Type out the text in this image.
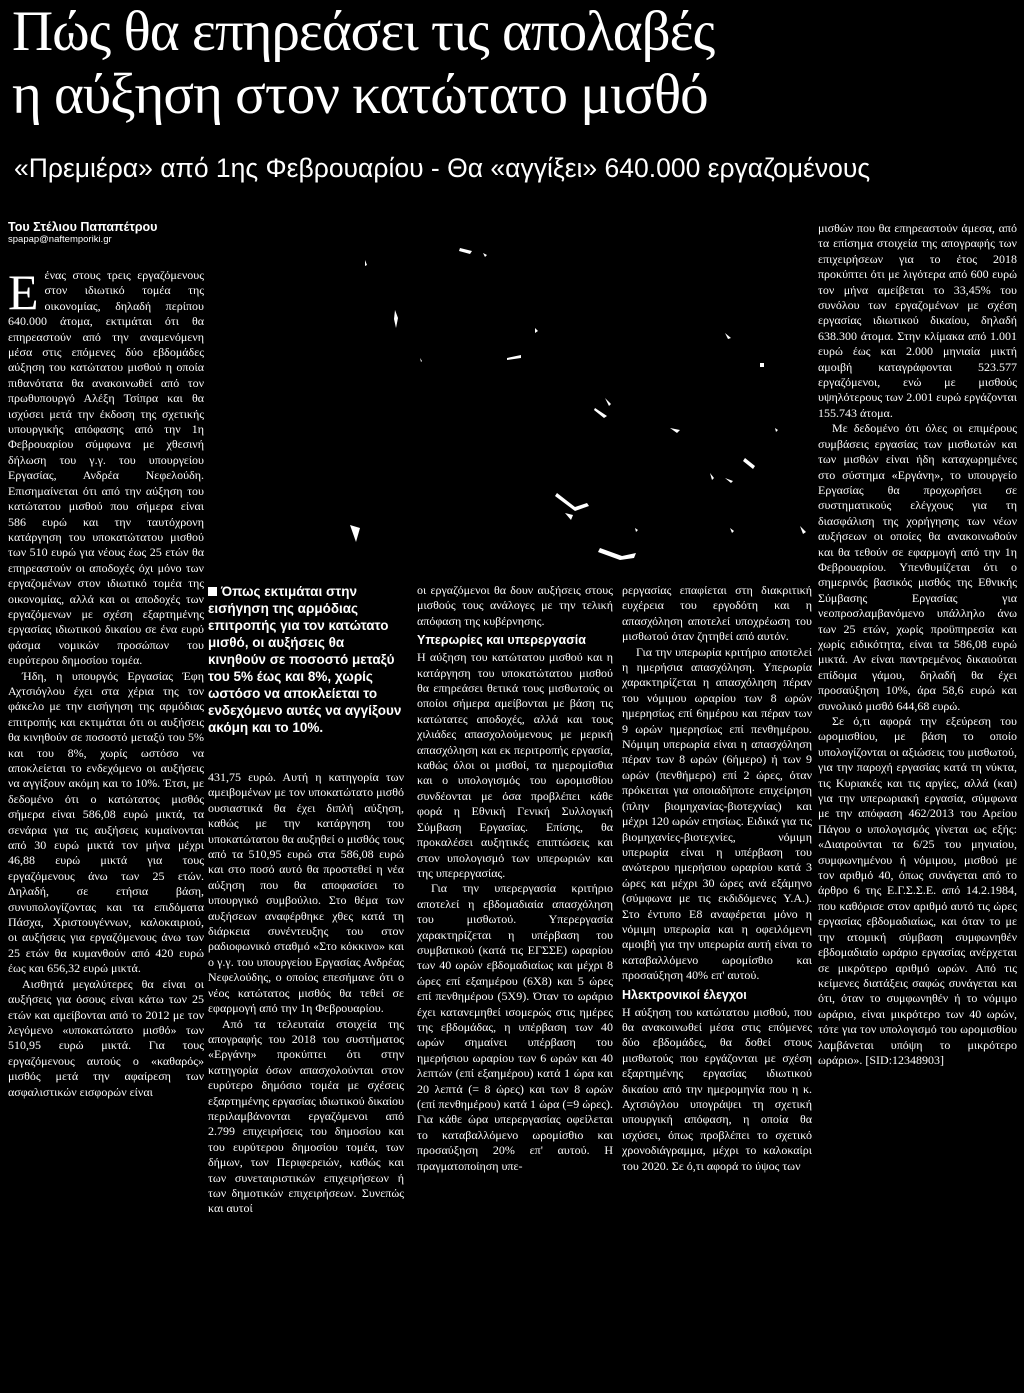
Πώς θα επηρεάσει τις απολαβές
η αύξηση στον κατώτατο μισθό
«Πρεμιέρα» από 1ης Φεβρουαρίου - Θα «αγγίξει» 640.000 εργαζομένους
Του Στέλιου Παπαπέτρου
spapap@naftemporiki.gr

Εένας στους τρεις εργαζόμενους στον ιδιωτικό τομέα της οικονομίας, δηλαδή περίπου 640.000 άτομα, εκτιμάται ότι θα επηρεαστούν από την αναμενόμενη μέσα στις επόμενες δύο εβδομάδες αύξηση του κατώτατου μισθού η οποία πιθανότατα θα ανακοινωθεί από τον πρωθυπουργό Αλέξη Τσίπρα και θα ισχύσει μετά την έκδοση της σχετικής υπουργικής απόφασης από την 1η Φεβρουαρίου σύμφωνα με χθεσινή δήλωση του γ.γ. του υπουργείου Εργασίας, Ανδρέα Νεφελούδη. Επισημαίνεται ότι από την αύξηση του κατώτατου μισθού που σήμερα είναι 586 ευρώ και την ταυτόχρονη κατάργηση του υποκατώτατου μισθού των 510 ευρώ για νέους έως 25 ετών θα επηρεαστούν οι αποδοχές όχι μόνο των εργαζομένων στον ιδιωτικό τομέα της οικονομίας, αλλά και οι αποδοχές των εργαζόμενων με σχέση εξαρτημένης εργασίας ιδιωτικού δικαίου σε ένα ευρύ φάσμα νομικών προσώπων του ευρύτερου δημοσίου τομέα.

Ήδη, η υπουργός Εργασίας Έφη Αχτσιόγλου έχει στα χέρια της τον φάκελο με την εισήγηση της αρμόδιας επιτροπής και εκτιμάται ότι οι αυξήσεις θα κινηθούν σε ποσοστό μεταξύ του 5% και του 8%, χωρίς ωστόσο να αποκλείεται το ενδεχόμενο οι αυξήσεις να αγγίξουν ακόμη και το 10%. Έτσι, με δεδομένο ότι ο κατώτατος μισθός σήμερα είναι 586,08 ευρώ μικτά, τα σενάρια για τις αυξήσεις κυμαίνονται από 30 ευρώ μικτά τον μήνα μέχρι 46,88 ευρώ μικτά για τους εργαζόμενους άνω των 25 ετών. Δηλαδή, σε ετήσια βάση, συνυπολογίζοντας και τα επιδόματα Πάσχα, Χριστουγέννων, καλοκαιριού, οι αυξήσεις για εργαζόμενους άνω των 25 ετών θα κυμανθούν από 420 ευρώ έως και 656,32 ευρώ μικτά.

Αισθητά μεγαλύτερες θα είναι οι αυξήσεις για όσους είναι κάτω των 25 ετών και αμείβονται από το 2012 με τον λεγόμενο «υποκατώτατο μισθό» των 510,95 ευρώ μικτά. Για τους εργαζόμενους αυτούς ο «καθαρός» μισθός μετά την αφαίρεση των ασφαλιστικών εισφορών είναι

Όπως εκτιμάται στην εισήγηση της αρμόδιας επιτροπής για τον κατώτατο μισθό, οι αυξήσεις θα κινηθούν σε ποσοστό μεταξύ του 5% έως και 8%, χωρίς ωστόσο να αποκλείεται το ενδεχόμενο αυτές να αγγίξουν ακόμη και το 10%.

431,75 ευρώ. Αυτή η κατηγορία των αμειβομένων με τον υποκατώτατο μισθό ουσιαστικά θα έχει διπλή αύξηση, καθώς με την κατάργηση του υποκατώτατου θα αυξηθεί ο μισθός τους από τα 510,95 ευρώ στα 586,08 ευρώ και στο ποσό αυτό θα προστεθεί η νέα αύξηση που θα αποφασίσει το υπουργικό συμβούλιο. Στο θέμα των αυξήσεων αναφέρθηκε χθες κατά τη διάρκεια συνέντευξης του στον ραδιοφωνικό σταθμό «Στο κόκκινο» και ο γ.γ. του υπουργείου Εργασίας Ανδρέας Νεφελούδης, ο οποίος επεσήμανε ότι ο νέος κατώτατος μισθός θα τεθεί σε εφαρμογή από την 1η Φεβρουαρίου.

Από τα τελευταία στοιχεία της απογραφής του 2018 του συστήματος «Εργάνη» προκύπτει ότι στην κατηγορία όσων απασχολούνται στον ευρύτερο δημόσιο τομέα με σχέσεις εξαρτημένης εργασίας ιδιωτικού δικαίου περιλαμβάνονται εργαζόμενοι από 2.799 επιχειρήσεις του δημοσίου και του ευρύτερου δημοσίου τομέα, των δήμων, των Περιφερειών, καθώς και των συνεταιριστικών επιχειρήσεων ή των δημοτικών επιχειρήσεων. Συνεπώς και αυτοί

οι εργαζόμενοι θα δουν αυξήσεις στους μισθούς τους ανάλογες με την τελική απόφαση της κυβέρνησης.

Υπερωρίες και υπερεργασία

Η αύξηση του κατώτατου μισθού και η κατάργηση του υποκατώτατου μισθού θα επηρεάσει θετικά τους μισθωτούς οι οποίοι σήμερα αμείβονται με βάση τις κατώτατες αποδοχές, αλλά και τους χιλιάδες απασχολούμενους με μερική απασχόληση και εκ περιτροπής εργασία, καθώς όλοι οι μισθοί, τα ημερομίσθια και ο υπολογισμός του ωρομισθίου συνδέονται με όσα προβλέπει κάθε φορά η Εθνική Γενική Συλλογική Σύμβαση Εργασίας. Επίσης, θα προκαλέσει αυξητικές επιπτώσεις και στον υπολογισμό των υπερωριών και της υπερεργασίας.

Για την υπερεργασία κριτήριο αποτελεί η εβδομαδιαία απασχόληση του μισθωτού. Υπερεργασία χαρακτηρίζεται η υπέρβαση του συμβατικού (κατά τις ΕΓΣΣΕ) ωραρίου των 40 ωρών εβδομαδιαίως και μέχρι 8 ώρες επί εξαημέρου (6Χ8) και 5 ώρες επί πενθημέρου (5Χ9). Όταν το ωράριο έχει κατανεμηθεί ισομερώς στις ημέρες της εβδομάδας, η υπέρβαση των 40 ωρών σημαίνει υπέρβαση του ημερήσιου ωραρίου των 6 ωρών και 40 λεπτών (επί εξαημέρου) κατά 1 ώρα και 20 λεπτά (= 8 ώρες) και των 8 ωρών (επί πενθημέρου) κατά 1 ώρα (=9 ώρες). Για κάθε ώρα υπερεργασίας οφείλεται το καταβαλλόμενο ωρομίσθιο και προσαύξηση 20% επ' αυτού. Η πραγματοποίηση υπε-

ρεργασίας επαφίεται στη διακριτική ευχέρεια του εργοδότη και η απασχόληση αποτελεί υποχρέωση του μισθωτού όταν ζητηθεί από αυτόν.

Για την υπερωρία κριτήριο αποτελεί η ημερήσια απασχόληση. Υπερωρία χαρακτηρίζεται η απασχόληση πέραν του νόμιμου ωραρίου των 8 ωρών ημερησίως επί 6ημέρου και πέραν των 9 ωρών ημερησίως επί πενθημέρου. Νόμιμη υπερωρία είναι η απασχόληση πέραν των 8 ωρών (6ήμερο) ή των 9 ωρών (πενθήμερο) επί 2 ώρες, όταν πρόκειται για οποιαδήποτε επιχείρηση (πλην βιομηχανίας-βιοτεχνίας) και μέχρι 120 ωρών ετησίως. Ειδικά για τις βιομηχανίες-βιοτεχνίες, νόμιμη υπερωρία είναι η υπέρβαση του ανώτερου ημερήσιου ωραρίου κατά 3 ώρες και μέχρι 30 ώρες ανά εξάμηνο (σύμφωνα με τις εκδιδόμενες Υ.Α.). Στο έντυπο Ε8 αναφέρεται μόνο η νόμιμη υπερωρία και η οφειλόμενη αμοιβή για την υπερωρία αυτή είναι το καταβαλλόμενο ωρομίσθιο και προσαύξηση 40% επ' αυτού.

Ηλεκτρονικοί έλεγχοι

Η αύξηση του κατώτατου μισθού, που θα ανακοινωθεί μέσα στις επόμενες δύο εβδομάδες, θα δοθεί στους μισθωτούς που εργάζονται με σχέση εξαρτημένης εργασίας ιδιωτικού δικαίου από την ημερομηνία που η κ. Αχτσιόγλου υπογράψει τη σχετική υπουργική απόφαση, η οποία θα ισχύσει, όπως προβλέπει το σχετικό χρονοδιάγραμμα, μέχρι το καλοκαίρι του 2020. Σε ό,τι αφορά το ύψος των

μισθών που θα επηρεαστούν άμεσα, από τα επίσημα στοιχεία της απογραφής των επιχειρήσεων για το έτος 2018 προκύπτει ότι με λιγότερα από 600 ευρώ τον μήνα αμείβεται το 33,45% του συνόλου των εργαζομένων με σχέση εργασίας ιδιωτικού δικαίου, δηλαδή 638.300 άτομα. Στην κλίμακα από 1.001 ευρώ έως και 2.000 μηνιαία μικτή αμοιβή καταγράφονται 523.577 εργαζόμενοι, ενώ με μισθούς υψηλότερους των 2.001 ευρώ εργάζονται 155.743 άτομα.

Με δεδομένο ότι όλες οι επιμέρους συμβάσεις εργασίας των μισθωτών και των μισθών είναι ήδη καταχωρημένες στο σύστημα «Εργάνη», το υπουργείο Εργασίας θα προχωρήσει σε συστηματικούς ελέγχους για τη διασφάλιση της χορήγησης των νέων αυξήσεων οι οποίες θα ανακοινωθούν και θα τεθούν σε εφαρμογή από την 1η Φεβρουαρίου. Υπενθυμίζεται ότι ο σημερινός βασικός μισθός της Εθνικής Σύμβασης Εργασίας για νεοπροσλαμβανόμενο υπάλληλο άνω των 25 ετών, χωρίς προϋπηρεσία και χωρίς ειδικότητα, είναι τα 586,08 ευρώ μικτά. Αν είναι παντρεμένος δικαιούται επίδομα γάμου, δηλαδή θα έχει προσαύξηση 10%, άρα 58,6 ευρώ και συνολικό μισθό 644,68 ευρώ.

Σε ό,τι αφορά την εξεύρεση του ωρομισθίου, με βάση το οποίο υπολογίζονται οι αξιώσεις του μισθωτού, για την παροχή εργασίας κατά τη νύκτα, τις Κυριακές και τις αργίες, αλλά (και) για την υπερωριακή εργασία, σύμφωνα με την απόφαση 462/2013 του Αρείου Πάγου ο υπολογισμός γίνεται ως εξής: «Διαιρούνται τα 6/25 του μηνιαίου, συμφωνημένου ή νόμιμου, μισθού με τον αριθμό 40, όπως συνάγεται από το άρθρο 6 της Ε.Γ.Σ.Σ.Ε. από 14.2.1984, που καθόρισε στον αριθμό αυτό τις ώρες εργασίας εβδομαδιαίως, και όταν το με την ατομική σύμβαση συμφωνηθέν εβδομαδιαίο ωράριο εργασίας ανέρχεται σε μικρότερο αριθμό ωρών. Από τις κείμενες διατάξεις σαφώς συνάγεται και ότι, όταν το συμφωνηθέν ή το νόμιμο ωράριο, είναι μικρότερο των 40 ωρών, τότε για τον υπολογισμό του ωρομισθίου λαμβάνεται υπόψη το μικρότερο ωράριο». [SID:12348903]
